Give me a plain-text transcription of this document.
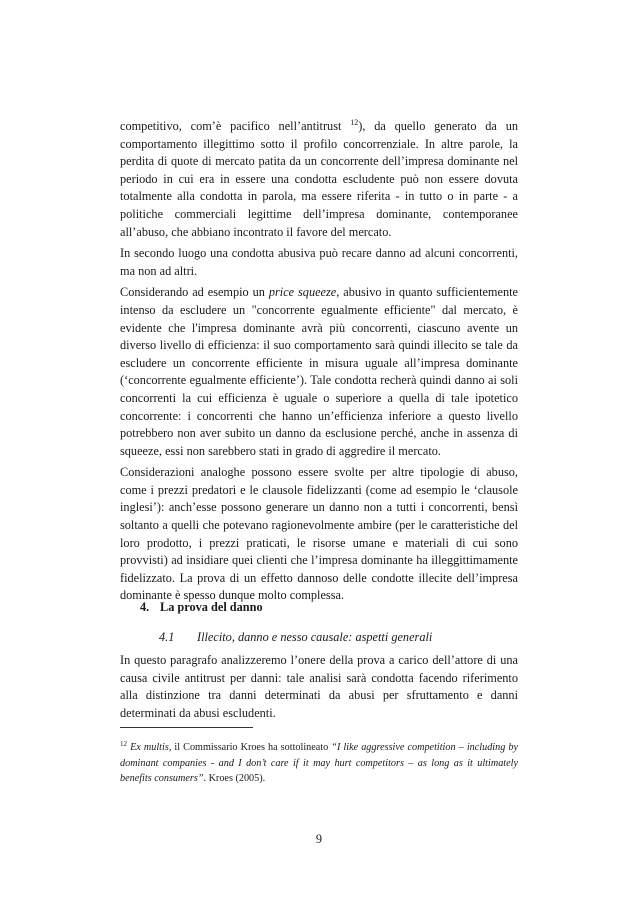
competitivo, com’è pacifico nell’antitrust $^{12}$), da quello generato da un comportamento illegittimo sotto il profilo concorrenziale. In altre parole, la perdita di quote di mercato patita da un concorrente dell’impresa dominante nel periodo in cui era in essere una condotta escludente può non essere dovuta totalmente alla condotta in parola, ma essere riferita - in tutto o in parte - a politiche commerciali legittime dell’impresa dominante, contemporanee all’abuso, che abbiano incontrato il favore del mercato.

In secondo luogo una condotta abusiva può recare danno ad alcuni concorrenti, ma non ad altri.

Considerando ad esempio un price squeeze, abusivo in quanto sufficientemente intenso da escludere un "concorrente egualmente efficiente" dal mercato, è evidente che l'impresa dominante avrà più concorrenti, ciascuno avente un diverso livello di efficienza: il suo comportamento sarà quindi illecito se tale da escludere un concorrente efficiente in misura uguale all’impresa dominante (‘concorrente egualmente efficiente’). Tale condotta recherà quindi danno ai soli concorrenti la cui efficienza è uguale o superiore a quella di tale ipotetico concorrente: i concorrenti che hanno un’efficienza inferiore a questo livello potrebbero non aver subito un danno da esclusione perché, anche in assenza di squeeze, essi non sarebbero stati in grado di aggredire il mercato.

Considerazioni analoghe possono essere svolte per altre tipologie di abuso, come i prezzi predatori e le clausole fidelizzanti (come ad esempio le ‘clausole inglesi’): anch’esse possono generare un danno non a tutti i concorrenti, bensì soltanto a quelli che potevano ragionevolmente ambire (per le caratteristiche del loro prodotto, i prezzi praticati, le risorse umane e materiali di cui sono provvisti) ad insidiare quei clienti che l’impresa dominante ha illeggittimamente fidelizzato. La prova di un effetto dannoso delle condotte illecite dell’impresa dominante è spesso dunque molto complessa.

4. La prova del danno
4.1 Illecito, danno e nesso causale: aspetti generali

In questo paragrafo analizzeremo l’onere della prova a carico dell’attore di una causa civile antitrust per danni: tale analisi sarà condotta facendo riferimento alla distinzione tra danni determinati da abusi per sfruttamento e danni determinati da abusi escludenti.

$^{12}$ Ex multis, il Commissario Kroes ha sottolineato “I like aggressive competition – including by dominant companies - and I don’t care if it may hurt competitors – as long as it ultimately benefits consumers”. Kroes (2005).
9
